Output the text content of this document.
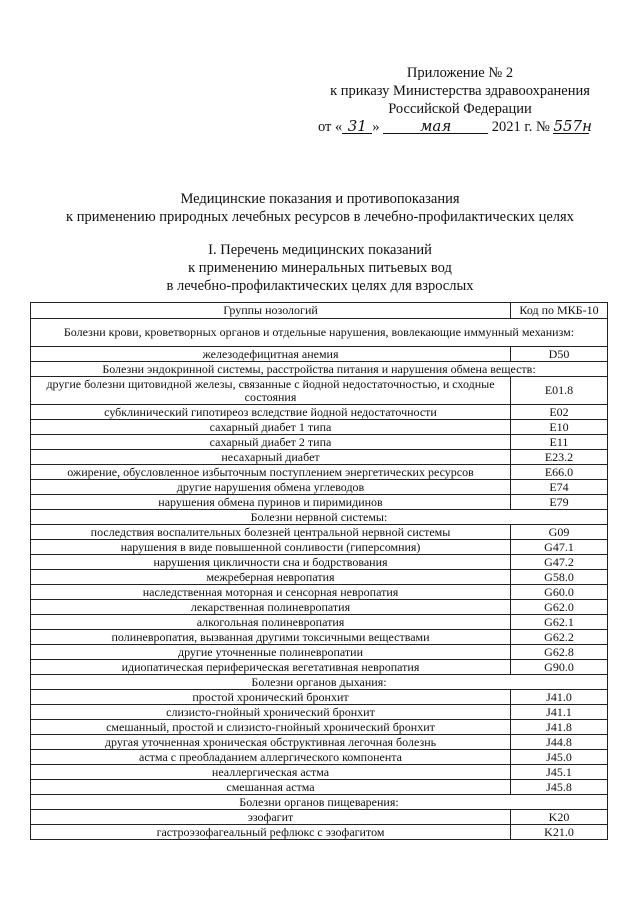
Приложение № 2
к приказу Министерства здравоохранения
Российской Федерации
от « 31 »	мая	2021 г. № 557н
Медицинские показания и противопоказания
к применению природных лечебных ресурсов в лечебно-профилактических целях
I. Перечень медицинских показаний
к применению минеральных питьевых вод
в лечебно-профилактических целях для взрослых
Группы нозологий	Код по МКБ-10
Болезни крови, кроветворных органов и отдельные нарушения, вовлекающие иммунный механизм:	
железодефицитная анемия	D50
Болезни эндокринной системы, расстройства питания и нарушения обмена веществ:	
другие болезни щитовидной железы, связанные с йодной недостаточностью, и сходные состояния	E01.8
субклинический гипотиреоз вследствие йодной недостаточности	E02
сахарный диабет 1 типа	E10
сахарный диабет 2 типа	E11
несахарный диабет	E23.2
ожирение, обусловленное избыточным поступлением энергетических ресурсов	E66.0
другие нарушения обмена углеводов	E74
нарушения обмена пуринов и пиримидинов	E79
Болезни нервной системы:	
последствия воспалительных болезней центральной нервной системы	G09
нарушения в виде повышенной сонливости (гиперсомния)	G47.1
нарушения цикличности сна и бодрствования	G47.2
межреберная невропатия	G58.0
наследственная моторная и сенсорная невропатия	G60.0
лекарственная полиневропатия	G62.0
алкогольная полиневропатия	G62.1
полиневропатия, вызванная другими токсичными веществами	G62.2
другие уточненные полиневропатии	G62.8
идиопатическая периферическая вегетативная невропатия	G90.0
Болезни органов дыхания:	
простой хронический бронхит	J41.0
слизисто-гнойный хронический бронхит	J41.1
смешанный, простой и слизисто-гнойный хронический бронхит	J41.8
другая уточненная хроническая обструктивная легочная болезнь	J44.8
астма с преобладанием аллергического компонента	J45.0
неаллергическая астма	J45.1
смешанная астма	J45.8
Болезни органов пищеварения:	
эзофагит	K20
гастроэзофагеальный рефлюкс с эзофагитом	K21.0
